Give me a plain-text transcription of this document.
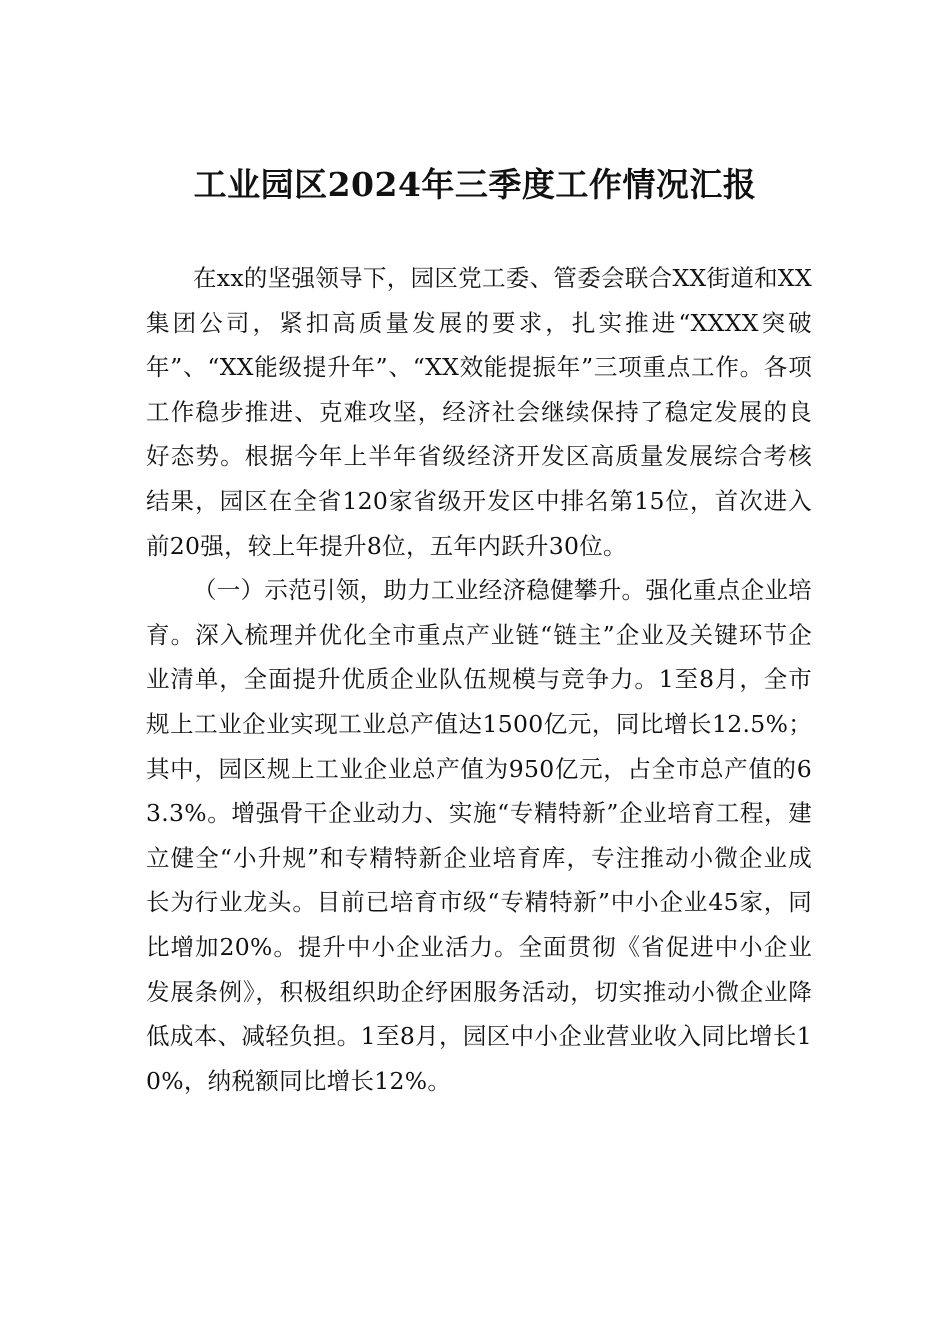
工业园区2024年三季度工作情况汇报

在xx的坚强领导下，园区党工委、管委会联合XX街道和XX集团公司，紧扣高质量发展的要求，扎实推进“XXXX突破年”、“XX能级提升年”、“XX效能提振年”三项重点工作。各项工作稳步推进、克难攻坚，经济社会继续保持了稳定发展的良好态势。根据今年上半年省级经济开发区高质量发展综合考核结果，园区在全省120家省级开发区中排名第15位，首次进入前20强，较上年提升8位，五年内跃升30位。

（一）示范引领，助力工业经济稳健攀升。强化重点企业培育。深入梳理并优化全市重点产业链“链主”企业及关键环节企业清单，全面提升优质企业队伍规模与竞争力。1至8月，全市规上工业企业实现工业总产值达1500亿元，同比增长12.5%；其中，园区规上工业企业总产值为950亿元，占全市总产值的63.3%。增强骨干企业动力、实施“专精特新”企业培育工程，建立健全“小升规”和专精特新企业培育库，专注推动小微企业成长为行业龙头。目前已培育市级“专精特新”中小企业45家，同比增加20%。提升中小企业活力。全面贯彻《省促进中小企业发展条例》，积极组织助企纾困服务活动，切实推动小微企业降低成本、减轻负担。1至8月，园区中小企业营业收入同比增长10%，纳税额同比增长12%。
